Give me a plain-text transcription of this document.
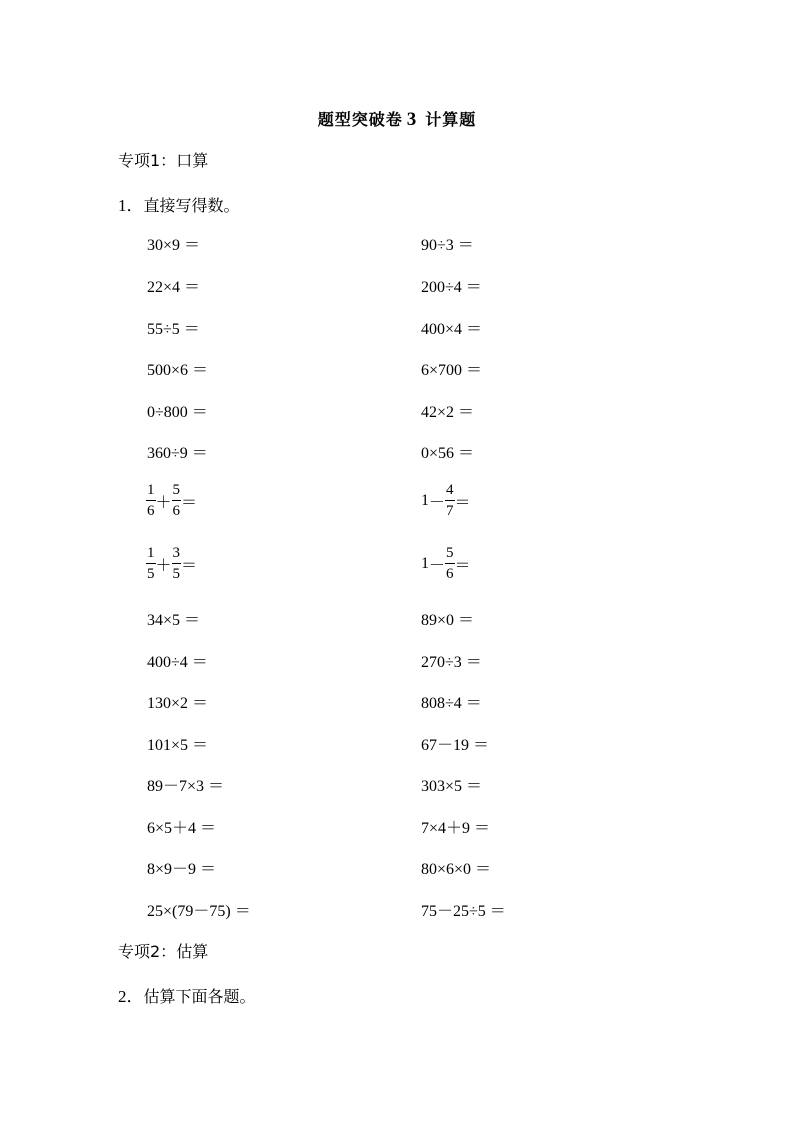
题型突破卷 3 计算题
专项1：口算
1．直接写得数。
30×9 ＝
22×4 ＝
55÷5 ＝
500×6 ＝
0÷800 ＝
360÷9 ＝
$\frac{1}{6} + \frac{5}{6}$ ＝
$\frac{1}{5} + \frac{3}{5}$ ＝
34×5 ＝
400÷4 ＝
130×2 ＝
101×5 ＝
89－7×3 ＝
6×5＋4 ＝
8×9－9 ＝
25×(79－75) ＝
90÷3 ＝
200÷4 ＝
400×4 ＝
6×700 ＝
42×2 ＝
0×56 ＝
$1- \frac{4}{7}$ ＝
$1- \frac{5}{6}$ ＝
89×0 ＝
270÷3 ＝
808÷4 ＝
67－19 ＝
303×5 ＝
7×4＋9 ＝
80×6×0 ＝
75－25÷5 ＝
专项2：估算
2．估算下面各题。
